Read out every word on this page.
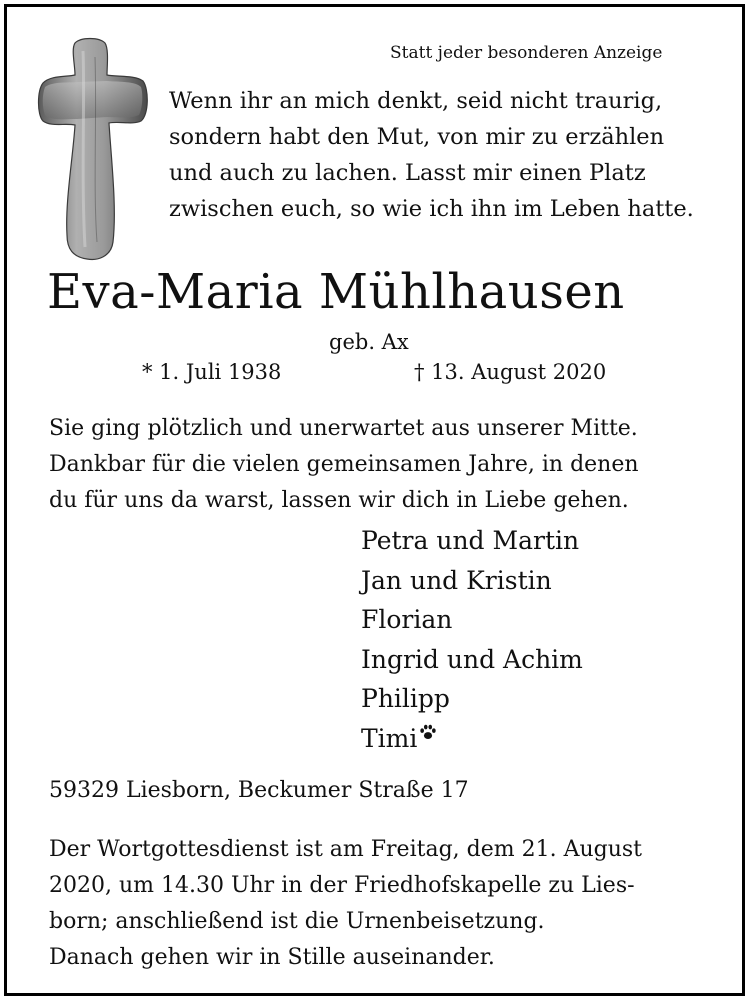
Statt jeder besonderen Anzeige
Wenn ihr an mich denkt, seid nicht traurig,
sondern habt den Mut, von mir zu erzählen
und auch zu lachen. Lasst mir einen Platz
zwischen euch, so wie ich ihn im Leben hatte.
Eva-Maria Mühlhausen
geb. Ax
* 1. Juli 1938	† 13. August 2020
Sie ging plötzlich und unerwartet aus unserer Mitte.
Dankbar für die vielen gemeinsamen Jahre, in denen
du für uns da warst, lassen wir dich in Liebe gehen.
Petra und Martin
Jan und Kristin
Florian
Ingrid und Achim
Philipp
Timi
59329 Liesborn, Beckumer Straße 17
Der Wortgottesdienst ist am Freitag, dem 21. August
2020, um 14.30 Uhr in der Friedhofskapelle zu Lies-
born; anschließend ist die Urnenbeisetzung.
Danach gehen wir in Stille auseinander.
